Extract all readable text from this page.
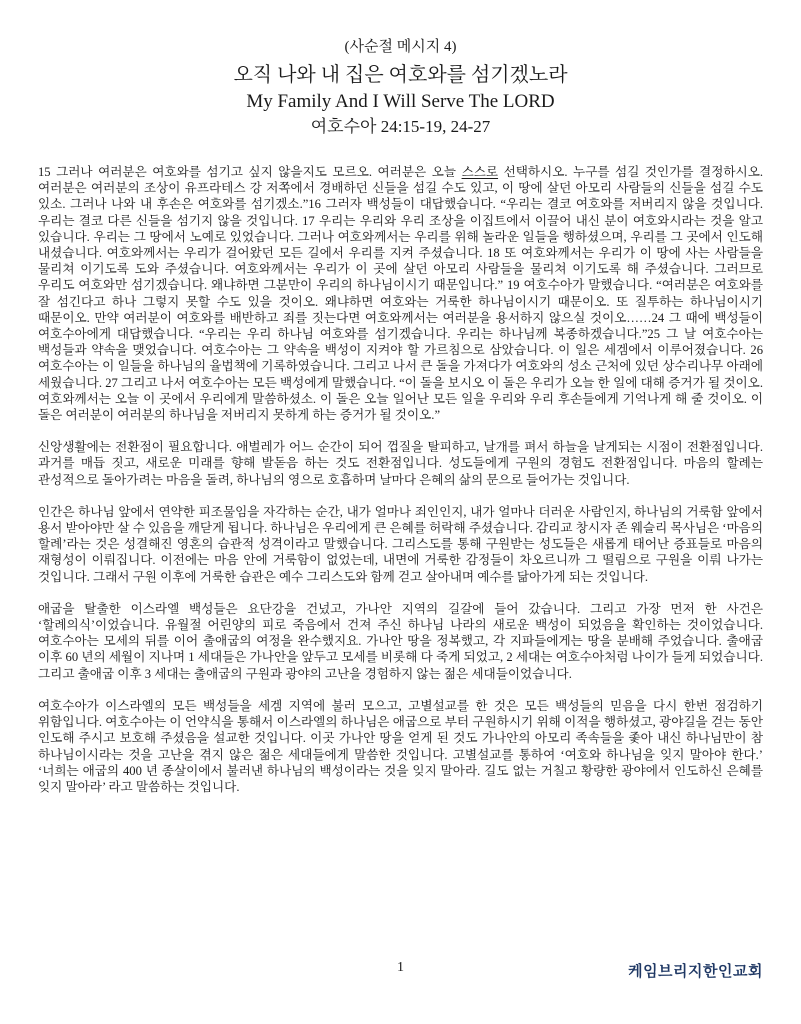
(사순절 메시지 4)
오직 나와 내 집은 여호와를 섬기겠노라
My Family And I Will Serve The LORD
여호수아 24:15-19, 24-27

15 그러나 여러분은 여호와를 섬기고 싶지 않을지도 모르오. 여러분은 오늘 스스로 선택하시오. 누구를 섬길 것인가를 결정하시오. 여러분은 여러분의 조상이 유프라테스 강 저쪽에서 경배하던 신들을 섬길 수도 있고, 이 땅에 살던 아모리 사람들의 신들을 섬길 수도 있소. 그러나 나와 내 후손은 여호와를 섬기겠소.”16 그러자 백성들이 대답했습니다. “우리는 결코 여호와를 저버리지 않을 것입니다. 우리는 결코 다른 신들을 섬기지 않을 것입니다. 17 우리는 우리와 우리 조상을 이집트에서 이끌어 내신 분이 여호와시라는 것을 알고 있습니다. 우리는 그 땅에서 노예로 있었습니다. 그러나 여호와께서는 우리를 위해 놀라운 일들을 행하셨으며, 우리를 그 곳에서 인도해 내셨습니다. 여호와께서는 우리가 걸어왔던 모든 길에서 우리를 지켜 주셨습니다. 18 또 여호와께서는 우리가 이 땅에 사는 사람들을 물리쳐 이기도록 도와 주셨습니다. 여호와께서는 우리가 이 곳에 살던 아모리 사람들을 물리쳐 이기도록 해 주셨습니다. 그러므로 우리도 여호와만 섬기겠습니다. 왜냐하면 그분만이 우리의 하나님이시기 때문입니다.” 19 여호수아가 말했습니다. “여러분은 여호와를 잘 섬긴다고 하나 그렇지 못할 수도 있을 것이오. 왜냐하면 여호와는 거룩한 하나님이시기 때문이오. 또 질투하는 하나님이시기 때문이오. 만약 여러분이 여호와를 배반하고 죄를 짓는다면 여호와께서는 여러분을 용서하지 않으실 것이오……24 그 때에 백성들이 여호수아에게 대답했습니다. “우리는 우리 하나님 여호와를 섬기겠습니다. 우리는 하나님께 복종하겠습니다.”25 그 날 여호수아는 백성들과 약속을 맺었습니다. 여호수아는 그 약속을 백성이 지켜야 할 가르침으로 삼았습니다. 이 일은 세겜에서 이루어졌습니다. 26 여호수아는 이 일들을 하나님의 율법책에 기록하였습니다. 그리고 나서 큰 돌을 가져다가 여호와의 성소 근처에 있던 상수리나무 아래에 세웠습니다. 27 그리고 나서 여호수아는 모든 백성에게 말했습니다. “이 돌을 보시오 이 돌은 우리가 오늘 한 일에 대해 증거가 될 것이오. 여호와께서는 오늘 이 곳에서 우리에게 말씀하셨소. 이 돌은 오늘 일어난 모든 일을 우리와 우리 후손들에게 기억나게 해 줄 것이오. 이 돌은 여러분이 여러분의 하나님을 저버리지 못하게 하는 증거가 될 것이오.”

신앙생활에는 전환점이 필요합니다. 애벌레가 어느 순간이 되어 껍질을 탈피하고, 날개를 펴서 하늘을 날게되는 시점이 전환점입니다. 과거를 매듭 짓고, 새로운 미래를 향해 발돋음 하는 것도 전환점입니다. 성도들에게 구원의 경험도 전환점입니다. 마음의 할례는 관성적으로 돌아가려는 마음을 돌려, 하나님의 영으로 호흡하며 날마다 은혜의 삶의 문으로 들어가는 것입니다.

인간은 하나님 앞에서 연약한 피조물임을 자각하는 순간, 내가 얼마나 죄인인지, 내가 얼마나 더러운 사람인지, 하나님의 거룩함 앞에서 용서 받아야만 살 수 있음을 깨닫게 됩니다. 하나님은 우리에게 큰 은혜를 허락해 주셨습니다. 감리교 창시자 존 웨슬리 목사님은 ‘마음의 할례’라는 것은 성결해진 영혼의 습관적 성격이라고 말했습니다. 그리스도를 통해 구원받는 성도들은 새롭게 태어난 증표들로 마음의 재형성이 이뤄집니다. 이전에는 마음 안에 거룩함이 없었는데, 내면에 거룩한 감정들이 차오르니까 그 떨림으로 구원을 이뤄 나가는 것입니다. 그래서 구원 이후에 거룩한 습관은 예수 그리스도와 함께 걷고 살아내며 예수를 닮아가게 되는 것입니다.

애굽을 탈출한 이스라엘 백성들은 요단강을 건넜고, 가나안 지역의 길갈에 들어 갔습니다. 그리고 가장 먼저 한 사건은 ‘할례의식’이었습니다. 유월절 어린양의 피로 죽음에서 건져 주신 하나님 나라의 새로운 백성이 되었음을 확인하는 것이었습니다. 여호수아는 모세의 뒤를 이어 출애굽의 여정을 완수했지요. 가나안 땅을 정복했고, 각 지파들에게는 땅을 분배해 주었습니다. 출애굽 이후 60 년의 세월이 지나며 1 세대들은 가나안을 앞두고 모세를 비롯해 다 죽게 되었고, 2 세대는 여호수아처럼 나이가 들게 되었습니다. 그리고 출애굽 이후 3 세대는 출애굽의 구원과 광야의 고난을 경험하지 않는 젊은 세대들이었습니다.

여호수아가 이스라엘의 모든 백성들을 세겜 지역에 불러 모으고, 고별설교를 한 것은 모든 백성들의 믿음을 다시 한번 점검하기 위함입니다. 여호수아는 이 언약식을 통해서 이스라엘의 하나님은 애굽으로 부터 구원하시기 위해 이적을 행하셨고, 광야길을 걷는 동안 인도해 주시고 보호해 주셨음을 설교한 것입니다. 이곳 가나안 땅을 얻게 된 것도 가나안의 아모리 족속들을 좇아 내신 하나님만이 참 하나님이시라는 것을 고난을 겪지 않은 젊은 세대들에게 말씀한 것입니다. 고별설교를 통하여 ‘여호와 하나님을 잊지 말아야 한다.’ ‘너희는 애굽의 400 년 종살이에서 불러낸 하나님의 백성이라는 것을 잊지 말아라. 길도 없는 거칠고 황량한 광야에서 인도하신 은혜를 잊지 말아라’ 라고 말씀하는 것입니다.

1	케임브리지한인교회
